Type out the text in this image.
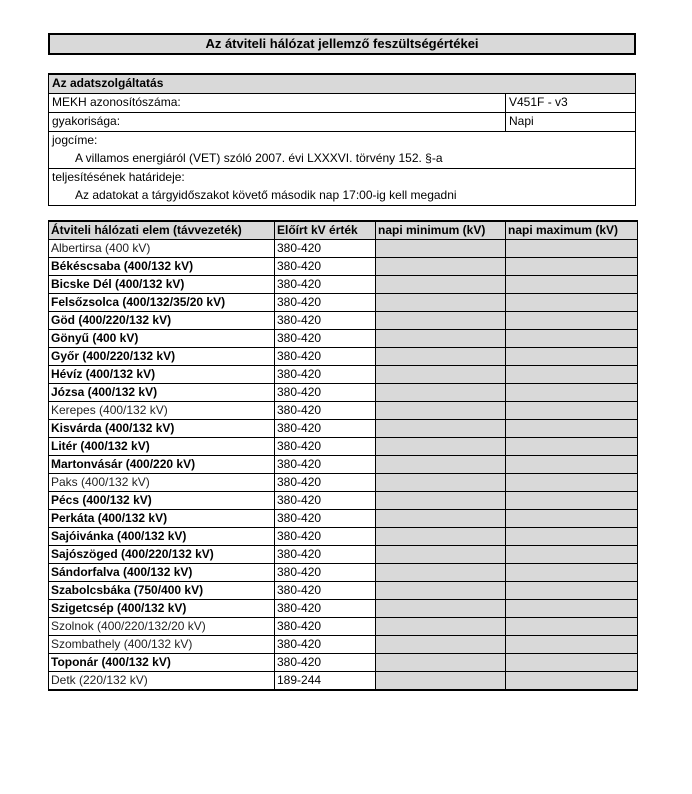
Az átviteli hálózat jellemző feszültségértékei
Az adatszolgáltatás
MEKH azonosítószáma:	V451F - v3
gyakorisága:	Napi
jogcíme:
A villamos energiáról (VET) szóló 2007. évi LXXXVI. törvény 152. §-a
teljesítésének határideje:
Az adatokat a tárgyidőszakot követő második nap 17:00-ig kell megadni
Átviteli hálózati elem (távvezeték)	Előírt kV érték	napi minimum (kV)	napi maximum (kV)
Albertirsa (400 kV)	380-420		
Békéscsaba (400/132 kV)	380-420		
Bicske Dél (400/132 kV)	380-420		
Felsőzsolca (400/132/35/20 kV)	380-420		
Göd (400/220/132 kV)	380-420		
Gönyű (400 kV)	380-420		
Győr (400/220/132 kV)	380-420		
Hévíz (400/132 kV)	380-420		
Józsa (400/132 kV)	380-420		
Kerepes (400/132 kV)	380-420		
Kisvárda (400/132 kV)	380-420		
Litér (400/132 kV)	380-420		
Martonvásár (400/220 kV)	380-420		
Paks (400/132 kV)	380-420		
Pécs (400/132 kV)	380-420		
Perkáta (400/132 kV)	380-420		
Sajóivánka (400/132 kV)	380-420		
Sajószöged (400/220/132 kV)	380-420		
Sándorfalva (400/132 kV)	380-420		
Szabolcsbáka (750/400 kV)	380-420		
Szigetcsép (400/132 kV)	380-420		
Szolnok (400/220/132/20 kV)	380-420		
Szombathely (400/132 kV)	380-420		
Toponár (400/132 kV)	380-420		
Detk (220/132 kV)	189-244		
